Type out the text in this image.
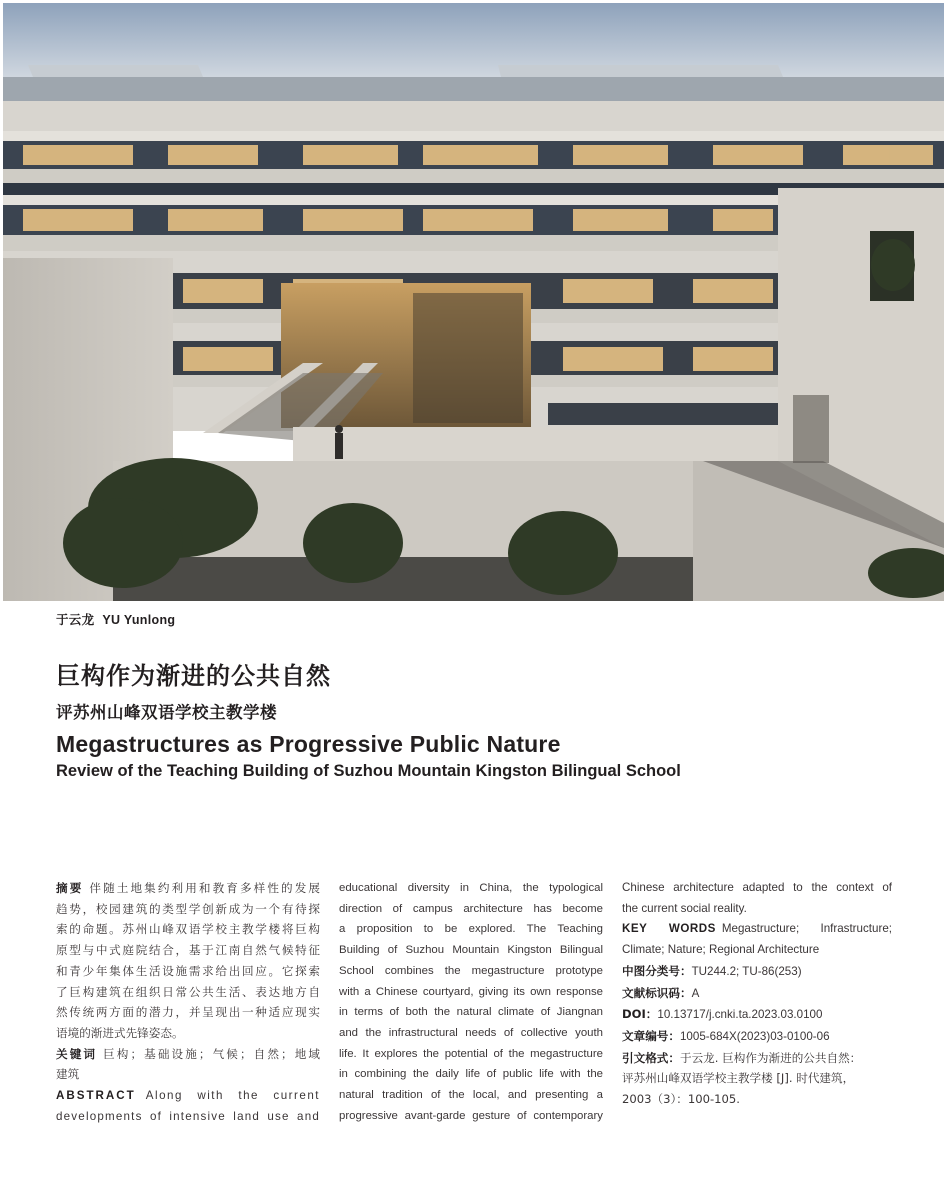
于云龙 YU Yunlong
巨构作为渐进的公共自然
评苏州山峰双语学校主教学楼
Megastructures as Progressive Public Nature
Review of the Teaching Building of Suzhou Mountain Kingston Bilingual School

摘要 伴随土地集约利用和教育多样性的发展

趋势，校园建筑的类型学创新成为一个有待探

索的命题。苏州山峰双语学校主教学楼将巨构

原型与中式庭院结合，基于江南自然气候特征

和青少年集体生活设施需求给出回应。它探索

了巨构建筑在组织日常公共生活、表达地方自

然传统两方面的潜力，并呈现出一种适应现实

语境的渐进式先锋姿态。

关键词 巨构；基础设施；气候；自然；地域

建筑

ABSTRACT Along with the current

developments of intensive land use and

educational diversity in China, the typological

direction of campus architecture has become

a proposition to be explored. The Teaching

Building of Suzhou Mountain Kingston Bilingual

School combines the megastructure prototype

with a Chinese courtyard, giving its own response

in terms of both the natural climate of Jiangnan

and the infrastructural needs of collective youth

life. It explores the potential of the megastructure

in combining the daily life of public life with the

natural tradition of the local, and presenting a

progressive avant-garde gesture of contemporary

Chinese architecture adapted to the context of

the current social reality.

KEY WORDS Megastructure; Infrastructure;

Climate; Nature; Regional Architecture

中图分类号：TU244.2; TU-86(253)

文献标识码：A

DOI：10.13717/j.cnki.ta.2023.03.0100

文章编号：1005-684X(2023)03-0100-06

引文格式：于云龙. 巨构作为渐进的公共自然：

评苏州山峰双语学校主教学楼 [J]. 时代建筑，

2003（3）：100-105.
